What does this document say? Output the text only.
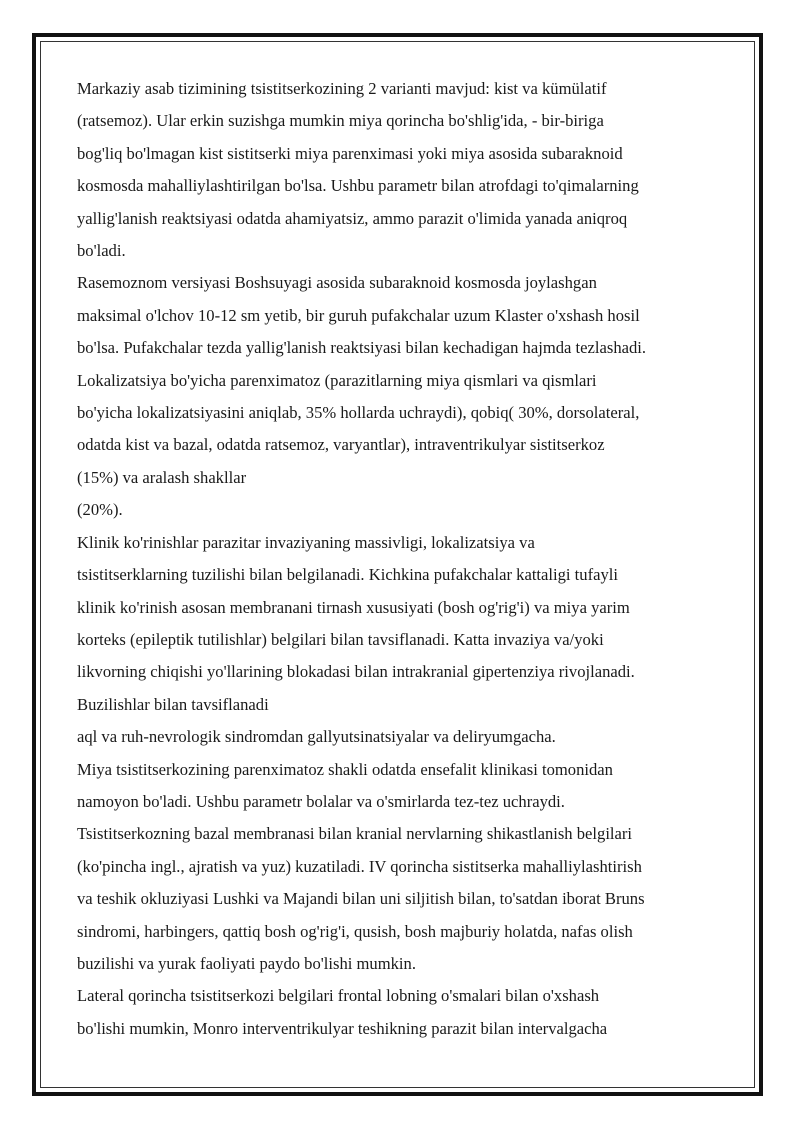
Markaziy asab tizimining tsistitserkozining 2 varianti mavjud: kist va kümülatif
(ratsemoz). Ular erkin suzishga mumkin miya qorincha bo'shlig'ida, - bir-biriga
bog'liq bo'lmagan kist sistitserki miya parenximasi yoki miya asosida subaraknoid
kosmosda mahalliylashtirilgan bo'lsa. Ushbu parametr bilan atrofdagi to'qimalarning
yallig'lanish reaktsiyasi odatda ahamiyatsiz, ammo parazit o'limida yanada aniqroq
bo'ladi.
Rasemoznom versiyasi Boshsuyagi asosida subaraknoid kosmosda joylashgan
maksimal o'lchov 10-12 sm yetib, bir guruh pufakchalar uzum Klaster o'xshash hosil
bo'lsa. Pufakchalar tezda yallig'lanish reaktsiyasi bilan kechadigan hajmda tezlashadi.
Lokalizatsiya bo'yicha parenximatoz (parazitlarning miya qismlari va qismlari
bo'yicha lokalizatsiyasini aniqlab, 35% hollarda uchraydi), qobiq( 30%, dorsolateral,
odatda kist va bazal, odatda ratsemoz, varyantlar), intraventrikulyar sistitserkoz
(15%) va aralash shakllar
(20%).
Klinik ko'rinishlar parazitar invaziyaning massivligi, lokalizatsiya va
tsistitserklarning tuzilishi bilan belgilanadi. Kichkina pufakchalar kattaligi tufayli
klinik ko'rinish asosan membranani tirnash xususiyati (bosh og'rig'i) va miya yarim
korteks (epileptik tutilishlar) belgilari bilan tavsiflanadi. Katta invaziya va/yoki
likvorning chiqishi yo'llarining blokadasi bilan intrakranial gipertenziya rivojlanadi.
Buzilishlar bilan tavsiflanadi
aql va ruh-nevrologik sindromdan gallyutsinatsiyalar va deliryumgacha.
Miya tsistitserkozining parenximatoz shakli odatda ensefalit klinikasi tomonidan
namoyon bo'ladi. Ushbu parametr bolalar va o'smirlarda tez-tez uchraydi.
Tsistitserkozning bazal membranasi bilan kranial nervlarning shikastlanish belgilari
(ko'pincha ingl., ajratish va yuz) kuzatiladi. IV qorincha sistitserka mahalliylashtirish
va teshik okluziyasi Lushki va Majandi bilan uni siljitish bilan, to'satdan iborat Bruns
sindromi, harbingers, qattiq bosh og'rig'i, qusish, bosh majburiy holatda, nafas olish
buzilishi va yurak faoliyati paydo bo'lishi mumkin.
Lateral qorincha tsistitserkozi belgilari frontal lobning o'smalari bilan o'xshash
bo'lishi mumkin, Monro interventrikulyar teshikning parazit bilan intervalgacha
